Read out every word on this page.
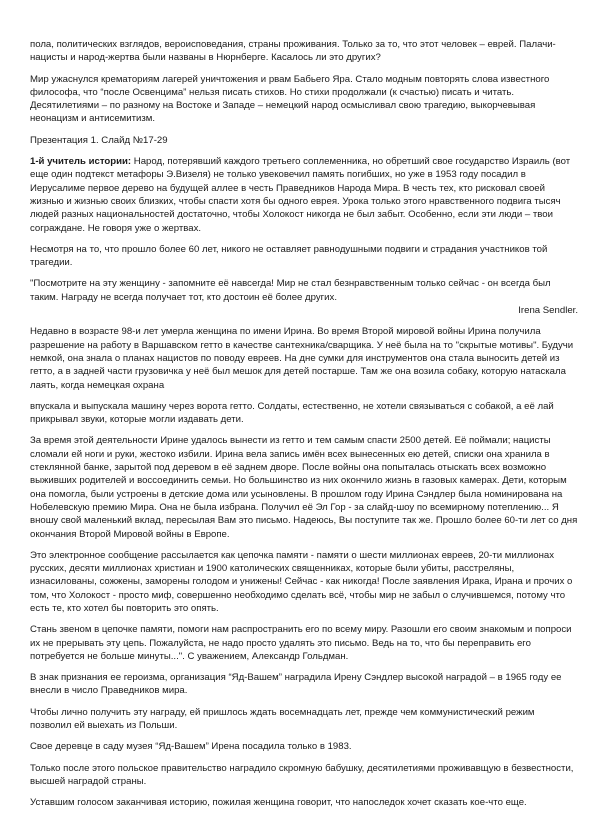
пола, политических взглядов, вероисповедания, страны проживания. Только за то, что этот человек – еврей. Палачи-нацисты и народ-жертва были названы в Нюрнберге. Касалось ли это других?

Мир ужаснулся крематориям лагерей уничтожения и рвам Бабьего Яра. Стало модным повторять слова известного философа, что “после Освенцима” нельзя писать стихов. Но стихи продолжали (к счастью) писать и читать. Десятилетиями – по разному на Востоке и Западе – немецкий народ осмысливал свою трагедию, выкорчевывая неонацизм и антисемитизм.

Презентация 1. Слайд №17-29

1-й учитель истории: Народ, потерявший каждого третьего соплеменника, но обретший свое государство Израиль (вот еще один подтекст метафоры Э.Визеля) не только увековечил память погибших, но уже в 1953 году посадил в Иерусалиме первое дерево на будущей аллее в честь Праведников Народа Мира. В честь тех, кто рисковал своей жизнью и жизнью своих близких, чтобы спасти хотя бы одного еврея. Урока только этого нравственного подвига тысяч людей разных национальностей достаточно, чтобы Холокост никогда не был забыт. Особенно, если эти люди – твои сограждане. Не говоря уже о жертвах.

Несмотря на то, что прошло более 60 лет, никого не оставляет равнодушными подвиги и страдания участников той трагедии.

"Посмотрите на эту женщину - запомните её навсегда! Мир не стал безнравственным только сейчас - он всегда был таким. Награду не всегда получает тот, кто достоин её более других.

Irena Sendler.

Недавно в возрасте 98-и лет умерла женщина по имени Ирина. Во время Второй мировой войны Ирина получила разрешение на работу в Варшавском гетто в качестве сантехника/сварщика. У неё была на то "скрытые мотивы". Будучи немкой, она знала о планах нацистов по поводу евреев. На дне сумки для инструментов она стала выносить детей из гетто, а в задней части грузовичка у неё был мешок для детей постарше. Там же она возила собаку, которую натаскала лаять, когда немецкая охрана

впускала и выпускала машину через ворота гетто. Солдаты, естественно, не хотели связываться с собакой, а её лай прикрывал звуки, которые могли издавать дети.

За время этой деятельности Ирине удалось вынести из гетто и тем самым спасти 2500 детей. Её поймали; нацисты сломали ей ноги и руки, жестоко избили. Ирина вела запись имён всех вынесенных ею детей, списки она хранила в стеклянной банке, зарытой под деревом в её заднем дворе. После войны она попыталась отыскать всех возможно выживших родителей и воссоединить семьи. Но большинство из них окончило жизнь в газовых камерах. Дети, которым она помогла, были устроены в детские дома или усыновлены. В прошлом году Ирина Сэндлер была номинирована на Нобелевскую премию Мира. Она не была избрана. Получил её Эл Гор - за слайд-шоу по всемирному потеплению... Я вношу свой маленький вклад, пересылая Вам это письмо. Надеюсь, Вы поступите так же. Прошло более 60-ти лет со дня окончания Второй Мировой войны в Европе.

Это электронное сообщение рассылается как цепочка памяти - памяти о шести миллионах евреев, 20-ти миллионах русских, десяти миллионах христиан и 1900 католических священниках, которые были убиты, расстреляны, изнасилованы, сожжены, заморены голодом и унижены! Сейчас - как никогда! После заявления Ирака, Ирана и прочих о том, что Холокост - просто миф, совершенно необходимо сделать всё, чтобы мир не забыл о случившемся, потому что есть те, кто хотел бы повторить это опять.

Стань звеном в цепочке памяти, помоги нам распространить его по всему миру. Разошли его своим знакомым и попроси их не прерывать эту цепь. Пожалуйста, не надо просто удалять это письмо. Ведь на то, что бы переправить его потребуется не больше минуты...". С уважением, Александр Гольдман.

В знак признания ее героизма, организация “Яд-Вашем” наградила Ирену Сэндлер высокой наградой – в 1965 году ее внесли в число Праведников мира.

Чтобы лично получить эту награду, ей пришлось ждать восемнадцать лет, прежде чем коммунистический режим позволил ей выехать из Польши.

Свое деревце в саду музея “Яд-Вашем” Ирена посадила только в 1983.

Только после этого польское правительство наградило скромную бабушку, десятилетиями проживавщую в безвестности, высшей наградой страны.

Уставшим голосом заканчивая историю, пожилая женщина говорит, что напоследок хочет сказать кое-что еще.
